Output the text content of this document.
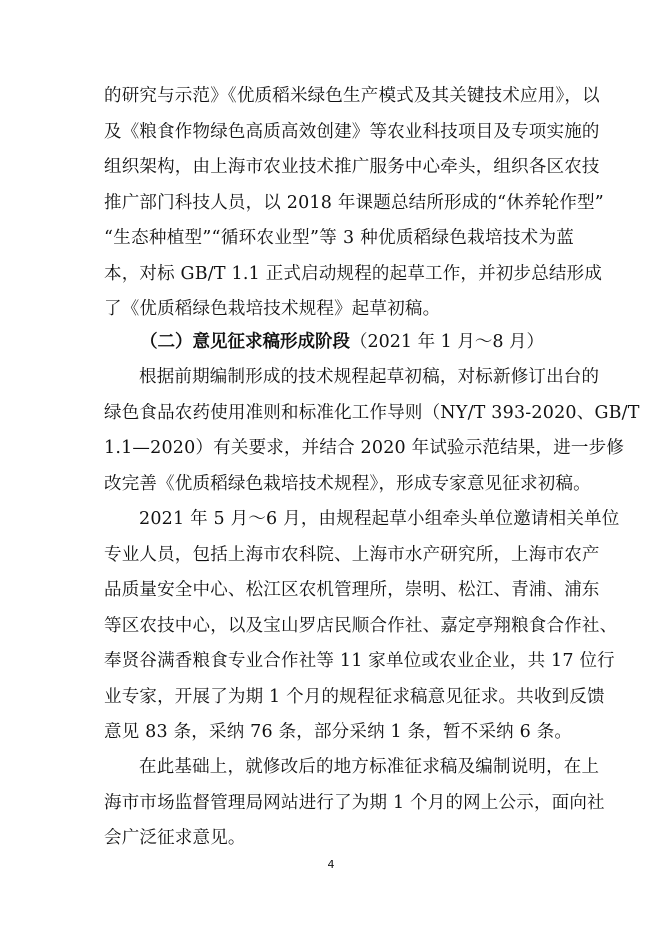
的研究与示范》《优质稻米绿色生产模式及其关键技术应用》，以
及《粮食作物绿色高质高效创建》等农业科技项目及专项实施的
组织架构，由上海市农业技术推广服务中心牵头，组织各区农技
推广部门科技人员，以 2018 年课题总结所形成的“休养轮作型”
“生态种植型”“循环农业型”等 3 种优质稻绿色栽培技术为蓝
本，对标 GB/T 1.1 正式启动规程的起草工作，并初步总结形成
了《优质稻绿色栽培技术规程》起草初稿。
（二）意见征求稿形成阶段（2021 年 1 月～8 月）
根据前期编制形成的技术规程起草初稿，对标新修订出台的
绿色食品农药使用准则和标准化工作导则（NY/T 393-2020、GB/T
1.1—2020）有关要求，并结合 2020 年试验示范结果，进一步修
改完善《优质稻绿色栽培技术规程》，形成专家意见征求初稿。
2021 年 5 月～6 月，由规程起草小组牵头单位邀请相关单位
专业人员，包括上海市农科院、上海市水产研究所，上海市农产
品质量安全中心、松江区农机管理所，崇明、松江、青浦、浦东
等区农技中心，以及宝山罗店民顺合作社、嘉定亭翔粮食合作社、
奉贤谷满香粮食专业合作社等 11 家单位或农业企业，共 17 位行
业专家，开展了为期 1 个月的规程征求稿意见征求。共收到反馈
意见 83 条，采纳 76 条，部分采纳 1 条，暂不采纳 6 条。
在此基础上，就修改后的地方标准征求稿及编制说明，在上
海市市场监督管理局网站进行了为期 1 个月的网上公示，面向社
会广泛征求意见。
4
